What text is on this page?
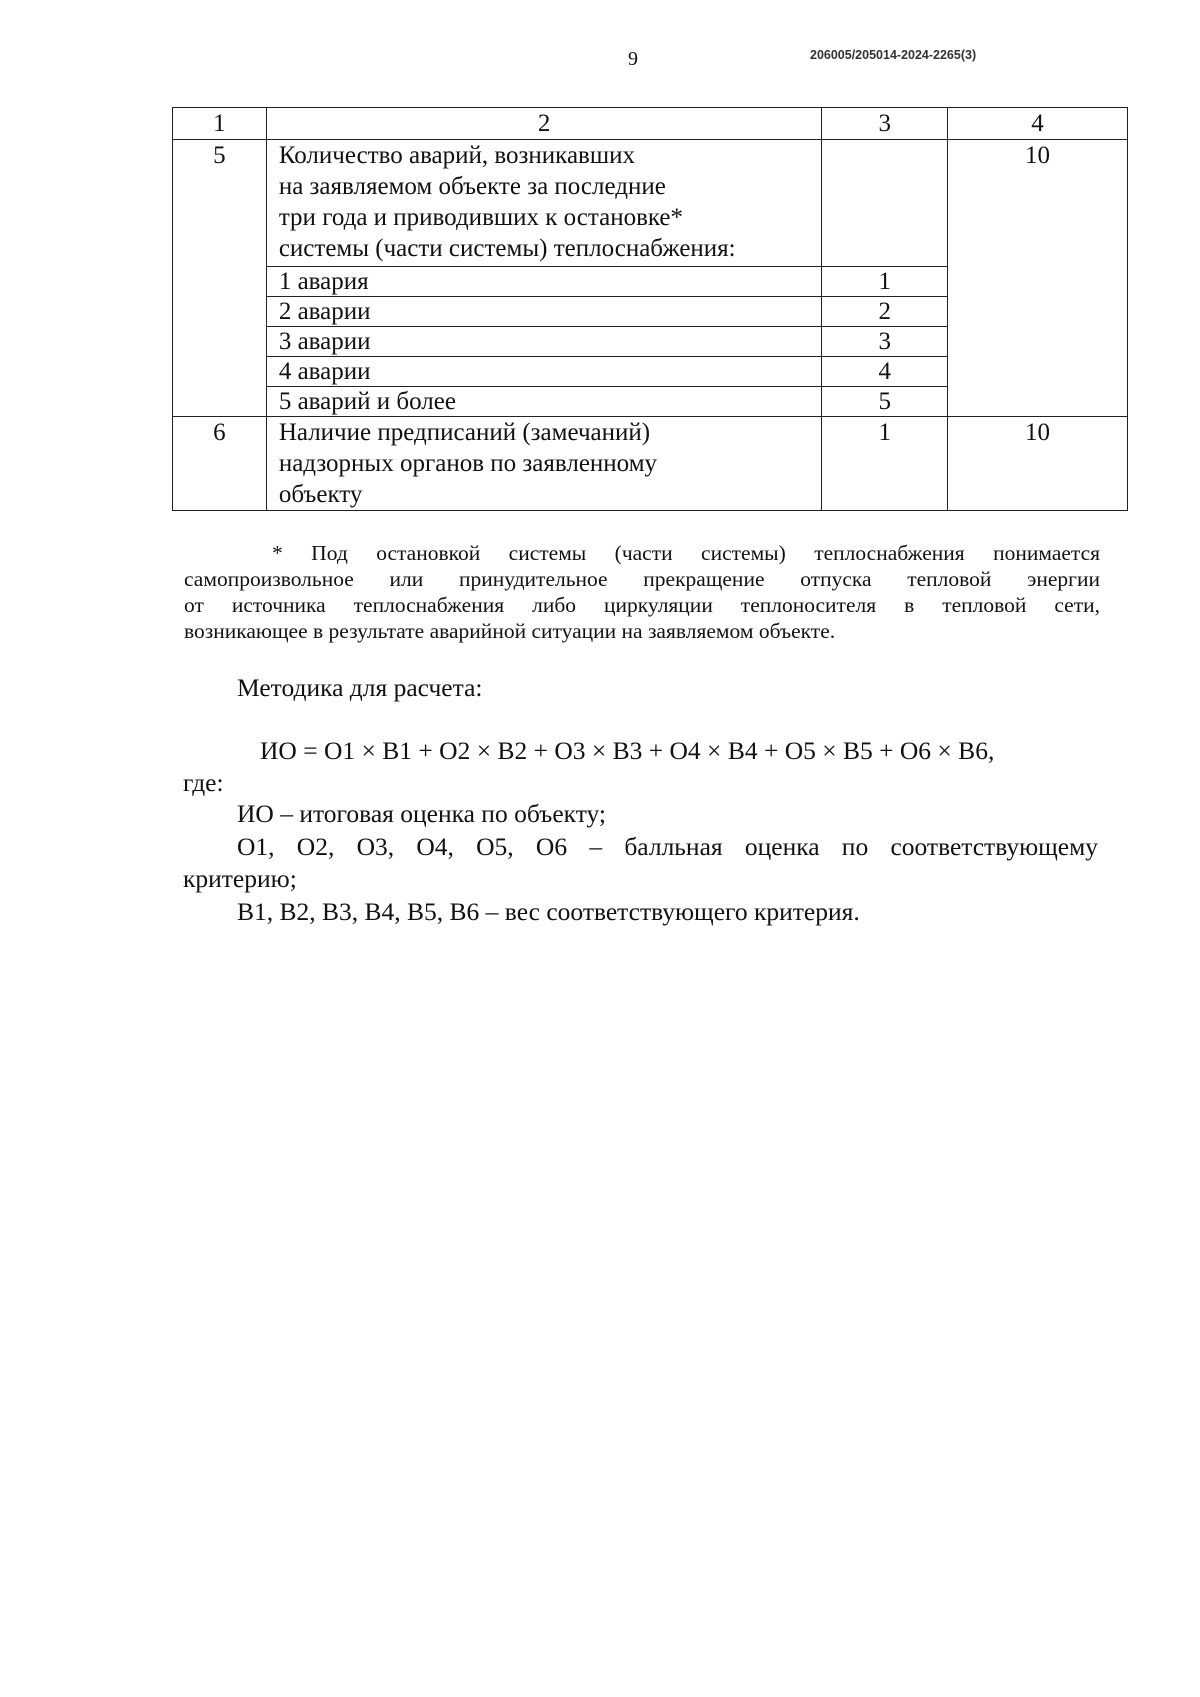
9	206005/205014-2024-2265(3)
1	2	3	4
5	Количество аварий, возникавших
на заявляемом объекте за последние
три года и приводивших к остановке*
системы (части системы) теплоснабжения:		10
	1 авария	1	
	2 аварии	2	
	3 аварии	3	
	4 аварии	4	
	5 аварий и более	5	
6	Наличие предписаний (замечаний)
надзорных органов по заявленному
объекту	1	10
* Под остановкой системы (части системы) теплоснабжения понимается
самопроизвольное или принудительное прекращение отпуска тепловой энергии
от источника теплоснабжения либо циркуляции теплоносителя в тепловой сети,
возникающее в результате аварийной ситуации на заявляемом объекте.
Методика для расчета:
ИО = О1 × В1 + О2 × В2 + О3 × В3 + О4 × В4 + О5 × В5 + О6 × В6,
где:
ИО – итоговая оценка по объекту;
О1, О2, О3, О4, О5, О6 – балльная оценка по соответствующему
критерию;
В1, В2, В3, В4, В5, В6 – вес соответствующего критерия.
